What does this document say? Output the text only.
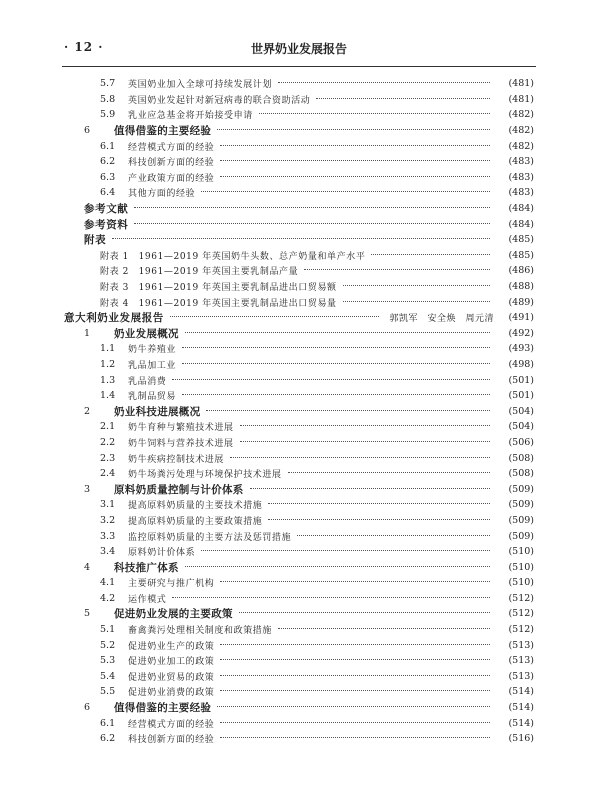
· 12 ·	世界奶业发展报告
5.7	英国奶业加入全球可持续发展计划	(481)
5.8	英国奶业发起针对新冠病毒的联合资助活动	(481)
5.9	乳业应急基金将开始接受申请	(482)
6	值得借鉴的主要经验	(482)
6.1	经营模式方面的经验	(482)
6.2	科技创新方面的经验	(483)
6.3	产业政策方面的经验	(483)
6.4	其他方面的经验	(483)
参考文献	(484)
参考资料	(484)
附表	(485)
附表 1　1961—2019 年英国奶牛头数、总产奶量和单产水平	(485)
附表 2　1961—2019 年英国主要乳制品产量	(486)
附表 3　1961—2019 年英国主要乳制品进出口贸易额	(488)
附表 4　1961—2019 年英国主要乳制品进出口贸易量	(489)
意大利奶业发展报告	郭凯军　安全焕　周元清	(491)
1	奶业发展概况	(492)
1.1	奶牛养殖业	(493)
1.2	乳品加工业	(498)
1.3	乳品消费	(501)
1.4	乳制品贸易	(501)
2	奶业科技进展概况	(504)
2.1	奶牛育种与繁殖技术进展	(504)
2.2	奶牛饲料与营养技术进展	(506)
2.3	奶牛疾病控制技术进展	(508)
2.4	奶牛场粪污处理与环境保护技术进展	(508)
3	原料奶质量控制与计价体系	(509)
3.1	提高原料奶质量的主要技术措施	(509)
3.2	提高原料奶质量的主要政策措施	(509)
3.3	监控原料奶质量的主要方法及惩罚措施	(509)
3.4	原料奶计价体系	(510)
4	科技推广体系	(510)
4.1	主要研究与推广机构	(510)
4.2	运作模式	(512)
5	促进奶业发展的主要政策	(512)
5.1	畜禽粪污处理相关制度和政策措施	(512)
5.2	促进奶业生产的政策	(513)
5.3	促进奶业加工的政策	(513)
5.4	促进奶业贸易的政策	(513)
5.5	促进奶业消费的政策	(514)
6	值得借鉴的主要经验	(514)
6.1	经营模式方面的经验	(514)
6.2	科技创新方面的经验	(516)
